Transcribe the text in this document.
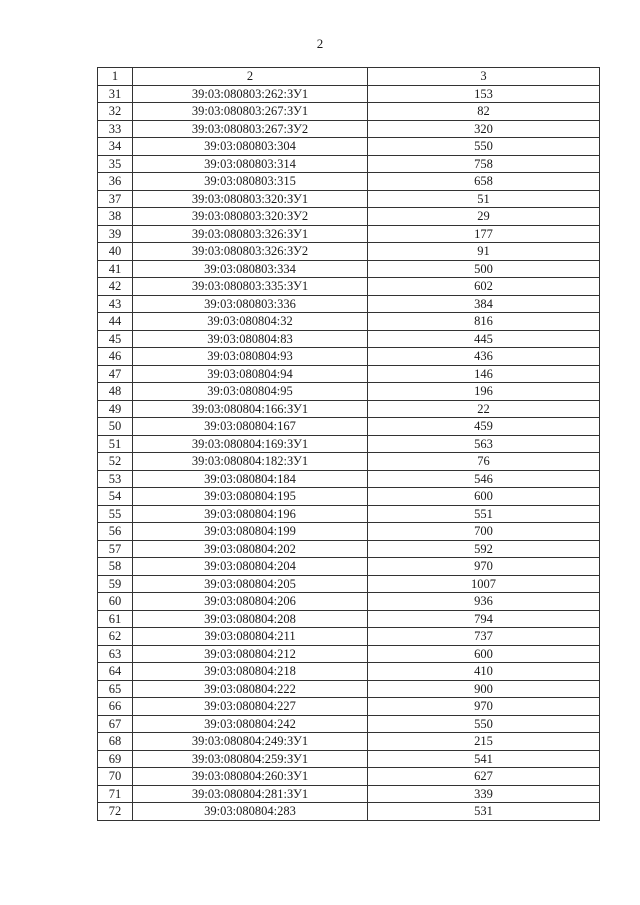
2
1	2	3
31	39:03:080803:262:ЗУ1	153
32	39:03:080803:267:ЗУ1	82
33	39:03:080803:267:ЗУ2	320
34	39:03:080803:304	550
35	39:03:080803:314	758
36	39:03:080803:315	658
37	39:03:080803:320:ЗУ1	51
38	39:03:080803:320:ЗУ2	29
39	39:03:080803:326:ЗУ1	177
40	39:03:080803:326:ЗУ2	91
41	39:03:080803:334	500
42	39:03:080803:335:ЗУ1	602
43	39:03:080803:336	384
44	39:03:080804:32	816
45	39:03:080804:83	445
46	39:03:080804:93	436
47	39:03:080804:94	146
48	39:03:080804:95	196
49	39:03:080804:166:ЗУ1	22
50	39:03:080804:167	459
51	39:03:080804:169:ЗУ1	563
52	39:03:080804:182:ЗУ1	76
53	39:03:080804:184	546
54	39:03:080804:195	600
55	39:03:080804:196	551
56	39:03:080804:199	700
57	39:03:080804:202	592
58	39:03:080804:204	970
59	39:03:080804:205	1007
60	39:03:080804:206	936
61	39:03:080804:208	794
62	39:03:080804:211	737
63	39:03:080804:212	600
64	39:03:080804:218	410
65	39:03:080804:222	900
66	39:03:080804:227	970
67	39:03:080804:242	550
68	39:03:080804:249:ЗУ1	215
69	39:03:080804:259:ЗУ1	541
70	39:03:080804:260:ЗУ1	627
71	39:03:080804:281:ЗУ1	339
72	39:03:080804:283	531
